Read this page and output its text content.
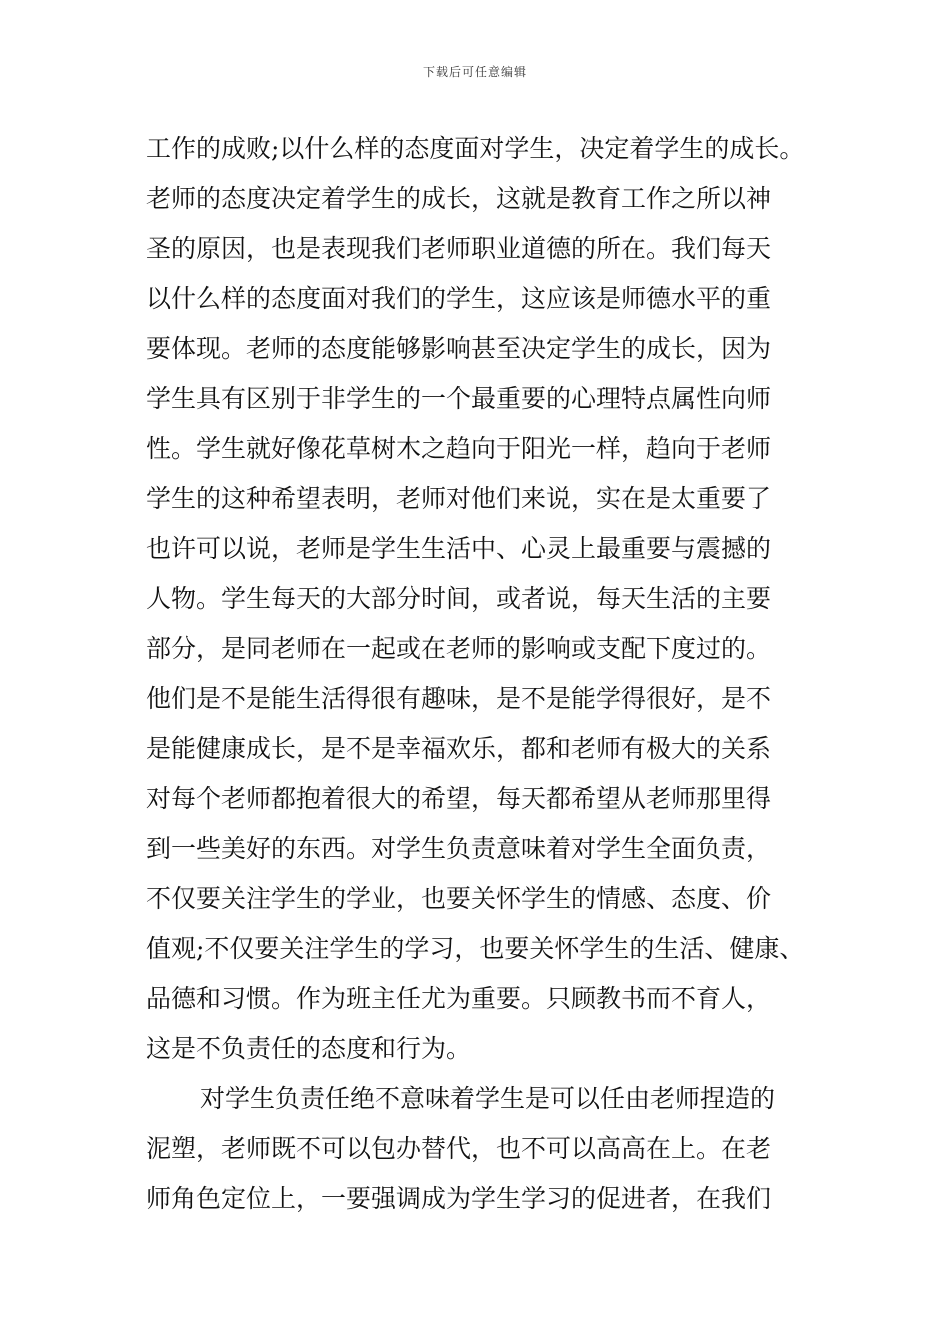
下载后可任意编辑
工作的成败;以什么样的态度面对学生，决定着学生的成长。
老师的态度决定着学生的成长，这就是教育工作之所以神
圣的原因，也是表现我们老师职业道德的所在。我们每天
以什么样的态度面对我们的学生，这应该是师德水平的重
要体现。老师的态度能够影响甚至决定学生的成长，因为
学生具有区别于非学生的一个最重要的心理特点属性向师
性。学生就好像花草树木之趋向于阳光一样，趋向于老师
学生的这种希望表明，老师对他们来说，实在是太重要了
也许可以说，老师是学生生活中、心灵上最重要与震撼的
人物。学生每天的大部分时间，或者说，每天生活的主要
部分，是同老师在一起或在老师的影响或支配下度过的。
他们是不是能生活得很有趣味，是不是能学得很好，是不
是能健康成长，是不是幸福欢乐，都和老师有极大的关系
对每个老师都抱着很大的希望，每天都希望从老师那里得
到一些美好的东西。对学生负责意味着对学生全面负责，
不仅要关注学生的学业，也要关怀学生的情感、态度、价
值观;不仅要关注学生的学习，也要关怀学生的生活、健康、
品德和习惯。作为班主任尤为重要。只顾教书而不育人，
这是不负责任的态度和行为。
对学生负责任绝不意味着学生是可以任由老师捏造的
泥塑，老师既不可以包办替代，也不可以高高在上。在老
师角色定位上，一要强调成为学生学习的促进者，在我们
